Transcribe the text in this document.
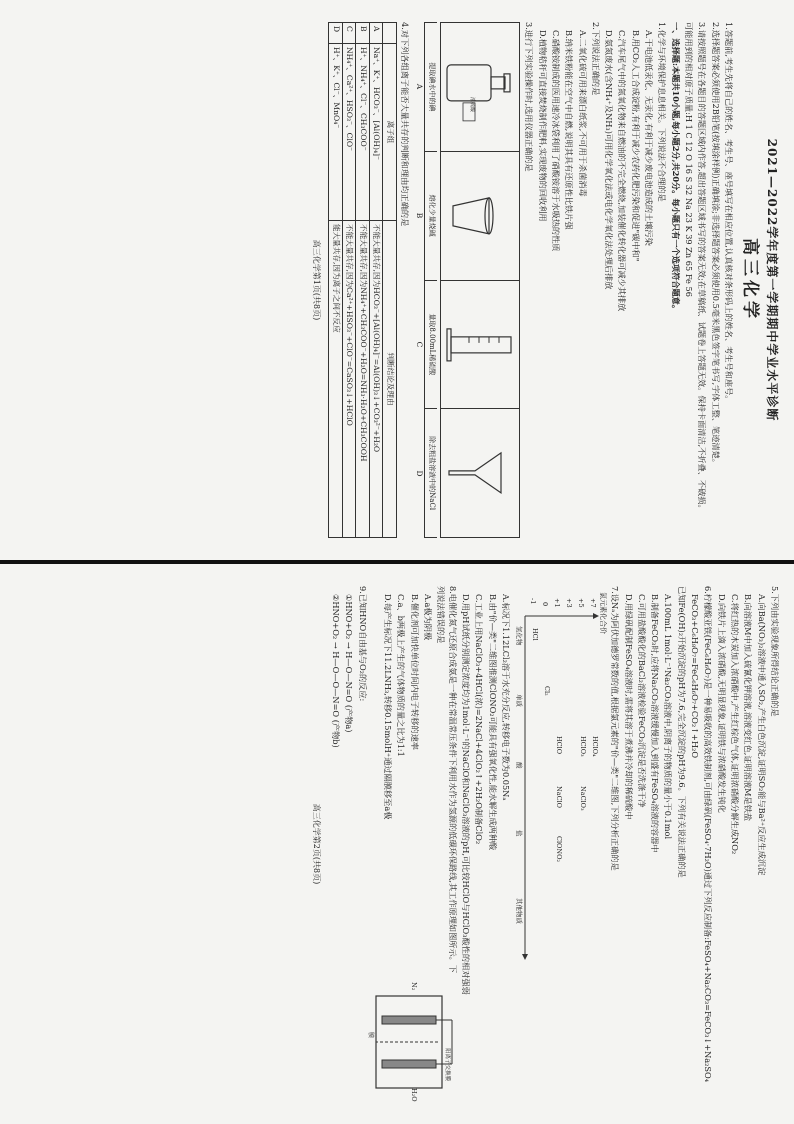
2021—2022学年度第一学期期中学业水平诊断
高三化学

1.答题前,考生先将自己的姓名、考生号、座号填写在相应位置,认真核对条形码上的姓名、考生号和座号。

2.选择题答案必须使用2B铅笔(按填涂样例)正确填涂;非选择题答案必须使用0.5毫米黑色签字笔书写,字体工整、笔迹清楚。

3.请按照题号在各题目的答题区域内作答,超出答题区域书写的答案无效;在草稿纸、试题卷上答题无效。保持卡面清洁,不折叠、不破损。

可能用到的相对原子质量:H 1 C 12 O 16 S 32 Na 23 K 39 Zn 65 Fe 56

一、选择题:本题共10小题,每小题2分,共20分。每小题只有一个选项符合题意。

1.化学与环境保护息息相关。下列说法不合理的是

A.干电池低汞化、无汞化,有利于减少废电池造成的土壤污染

B.用CO₂人工合成淀粉,有利于减少农药化肥污染和促进"碳中和"

C.汽车尾气中的氮氧化物来自燃油的不完全燃烧,加装催化转化器可减少其排放

D.氨氮废水(含NH₄⁺及NH₃)可用化学氧化法或电化学氧化法处理后排放

2.下列说法正确的是

A.二氧化硫可用来漂白纸浆,不可用于杀菌消毒

B.纳米铁粉能在空气中自燃,说明其具有还原性比铁片强

C.硝酸铵制成的医用速冷冰袋利用了硝酸铵溶于水吸热的性质

D.植物秸秆可直接焚烧制作肥料,实现废物的回收利用

3.进行下列实验操作时,选用仪器正确的是

浓硫酸
提取碘水中的碘
熔化少量烧碱
量取8.00mL稀硫酸
除去粗盐溶液中的NaCl
A
B
C
D

4.对下列各组离子能否大量共存的判断和理由均正确的是

	离子组	判断结论及理由
A	Na⁺、K⁺、HCO₃⁻、[Al(OH)₄]⁻	不能大量共存,因为HCO₃⁻+[Al(OH)₄]⁻=Al(OH)₃↓+CO₃²⁻+H₂O
B	H⁺、NH₄⁺、Cl⁻、CH₃COO⁻	不能大量共存,因为NH₄⁺+CH₃COO⁻+H₂O=NH₃·H₂O+CH₃COOH
C	NH₄⁺、Ca²⁺、HSO₃⁻、ClO⁻	不能大量共存,因为Ca²⁺+HSO₃⁻+ClO⁻=CaSO₃↓+HClO
D	H⁺、K⁺、Cl⁻、MnO₄⁻	能大量共存,因为离子之间不反应
高三化学第1页(共8页)

5.下列由实验现象所得结论正确的是

A.向Ba(NO₃)₂溶液中通入SO₂,产生白色沉淀,证明SO₂能与Ba²⁺反应生成沉淀

B.向溶液M中加入硫氰化钾溶液,溶液变红色,证明溶液M是铁盐

C.将红热的木炭加入浓硝酸中,产生红棕色气体,证明浓硝酸分解生成NO₂

D.向铁片上滴入浓硝酸,无明显现象,证明铁与浓硝酸发生钝化

6.柠檬酸亚铁(FeC₆H₆O₇)是一种易吸收的高效铁制剂,可由绿矾(FeSO₄·7H₂O)通过下列反应制备:FeSO₄+Na₂CO₃=FeCO₃↓+Na₂SO₄

FeCO₃+C₆H₈O₇=FeC₆H₆O₇+CO₂↑+H₂O

已知Fe(OH)₂开始沉淀的pH为7.6,完全沉淀的pH为9.6。下列有关说法正确的是

A.100mL 1mol·L⁻¹Na₂CO₃溶液中,阴离子的物质的量小于0.1mol

B.制备FeCO₃时,应将Na₂CO₃溶液缓慢加入到盛有FeSO₄溶液的容器中

C.可用盐酸酸化的BaCl₂溶液检验FeCO₃沉淀是否洗涤干净

D.用绿矾配制FeSO₄溶液时,需将其溶于煮沸并冷却的稀硫酸中

7.设Nₐ为阿伏加德罗常数的值,根据氯元素的"价—类"二维图,下列分析正确的是

氯元素化合价
+7
+5
+3
+1
0
-1
HCl
Cl₂
HClO
NaClO
ClONO₂
HClO₄
HClO₃
NaClO₃
氢化物
单质
酸
盐
其他物质

A.标况下1.12LCl₂溶于水充分反应,转移电子数为0.05Nₐ

B.由"价—类"二维图推测ClONO₂可能具有强氧化性,能水解生成两种酸

C.工业上用NaClO₃+4HCl(浓)=2NaCl+4ClO₂↑+2H₂O制备ClO₂

D.用pH试纸分别测定浓度均为1mol·L⁻¹的NaClO和NaClO₃溶液的pH,可比较HClO与HClO₃酸性的相对强弱

8.电催化氮气还原合成氨是一种在常温常压条件下利用水作为氢源的低碳环保路线,其工作原理如图所示。下列说法错误的是

A.a极为阴极

B.催化剂可加快单位时间内电子转移的速率

C.a、b两极上产生的气体物质的量之比为1:1

D.每产生标况下11.2LNH₃,转移0.15molH⁺通过隔膜移至a极

N₂
膜
阳离子交换膜
H₂O

9.已知HNO自由基与O₂的反应:

①HNO+O₂ → H—O—N=O (产物a)

②HNO+O₂ → H—O—O—N=O (产物b)

高三化学第2页(共8页)
